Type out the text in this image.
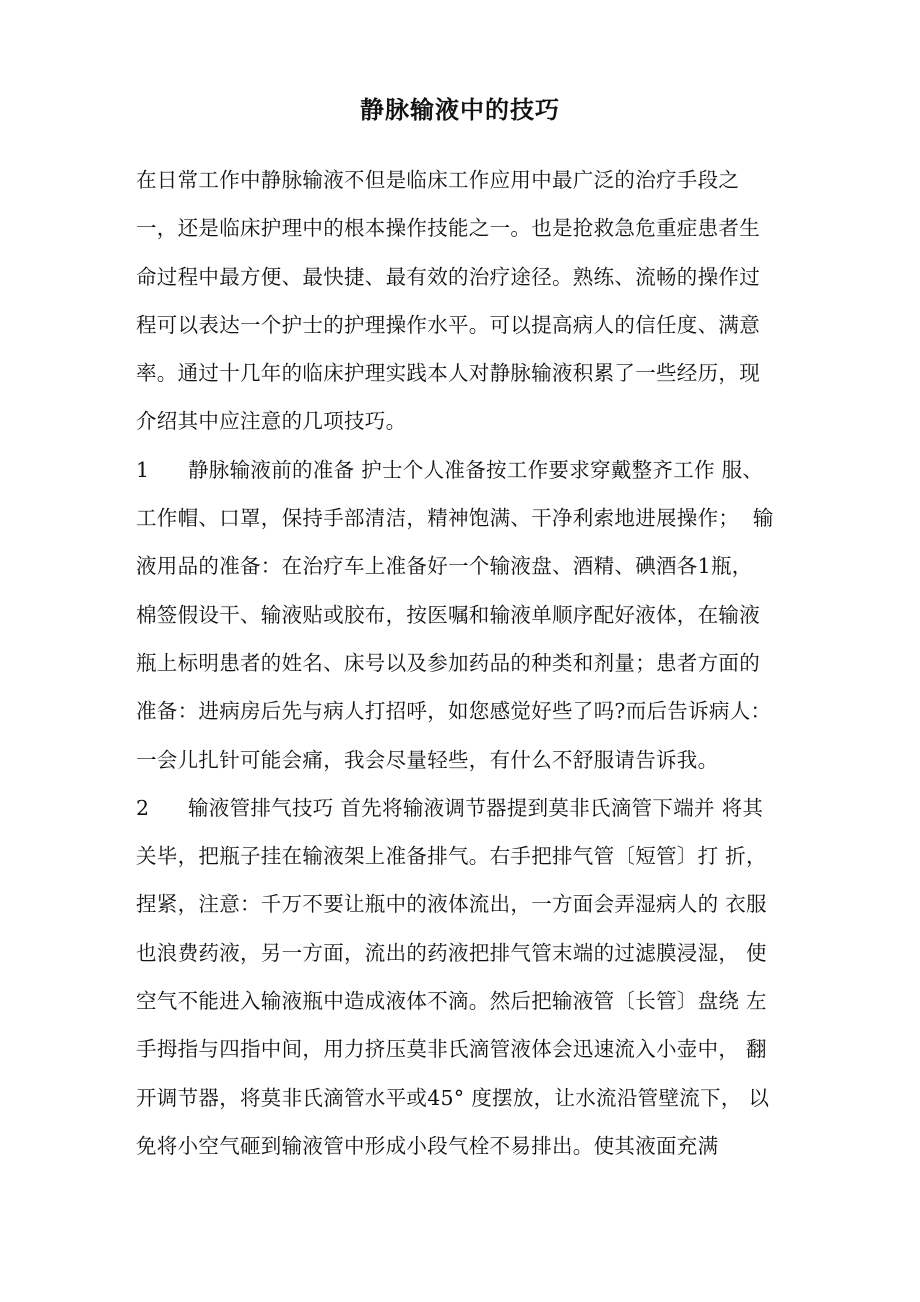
静脉输液中的技巧
在日常工作中静脉输液不但是临床工作应用中最广泛的治疗手段之
一，还是临床护理中的根本操作技能之一。也是抢救急危重症患者生
命过程中最方便、最快捷、最有效的治疗途径。熟练、流畅的操作过
程可以表达一个护士的护理操作水平。可以提高病人的信任度、满意
率。通过十几年的临床护理实践本人对静脉输液积累了一些经历，现
介绍其中应注意的几项技巧。
1 静脉输液前的准备 护士个人准备按工作要求穿戴整齐工作 服、
工作帽、口罩，保持手部清洁，精神饱满、干净利索地进展操作；  输
液用品的准备：在治疗车上准备好一个输液盘、酒精、碘酒各1瓶，
棉签假设干、输液贴或胶布，按医嘱和输液单顺序配好液体，在输液
瓶上标明患者的姓名、床号以及参加药品的种类和剂量；患者方面的
准备：进病房后先与病人打招呼，如您感觉好些了吗?而后告诉病人：
一会儿扎针可能会痛，我会尽量轻些，有什么不舒服请告诉我。
2 输液管排气技巧 首先将输液调节器提到莫非氏滴管下端并 将其
关毕，把瓶子挂在输液架上准备排气。右手把排气管〔短管〕打 折，
捏紧，注意：千万不要让瓶中的液体流出，一方面会弄湿病人的 衣服
也浪费药液，另一方面，流出的药液把排气管末端的过滤膜浸湿， 使
空气不能进入输液瓶中造成液体不滴。然后把输液管〔长管〕盘绕 左
手拇指与四指中间，用力挤压莫非氏滴管液体会迅速流入小壶中， 翻
开调节器，将莫非氏滴管水平或45° 度摆放，让水流沿管壁流下， 以
免将小空气砸到输液管中形成小段气栓不易排出。使其液面充满
